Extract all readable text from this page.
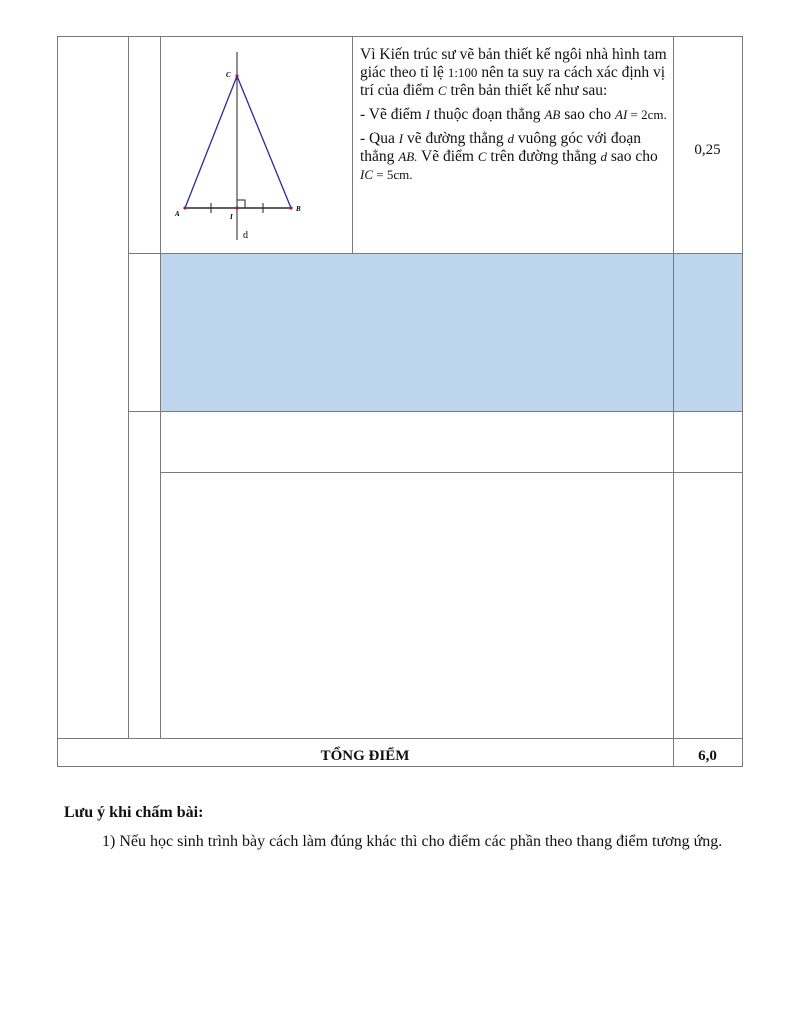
C
A
B
I
d

Vì Kiến trúc sư vẽ bản thiết kế ngôi nhà hình tam giác theo tỉ lệ 1:100 nên ta suy ra cách xác định vị trí của điểm C trên bản thiết kế như sau:

- Vẽ điểm I thuộc đoạn thẳng AB sao cho AI = 2cm.

- Qua I vẽ đường thẳng d vuông góc với đoạn thẳng AB. Vẽ điểm C trên đường thẳng d sao cho IC = 5cm.

0,25
TỔNG ĐIỂM	6,0
Lưu ý khi chấm bài:
1) Nếu học sinh trình bày cách làm đúng khác thì cho điểm các phần theo thang điểm tương ứng.
